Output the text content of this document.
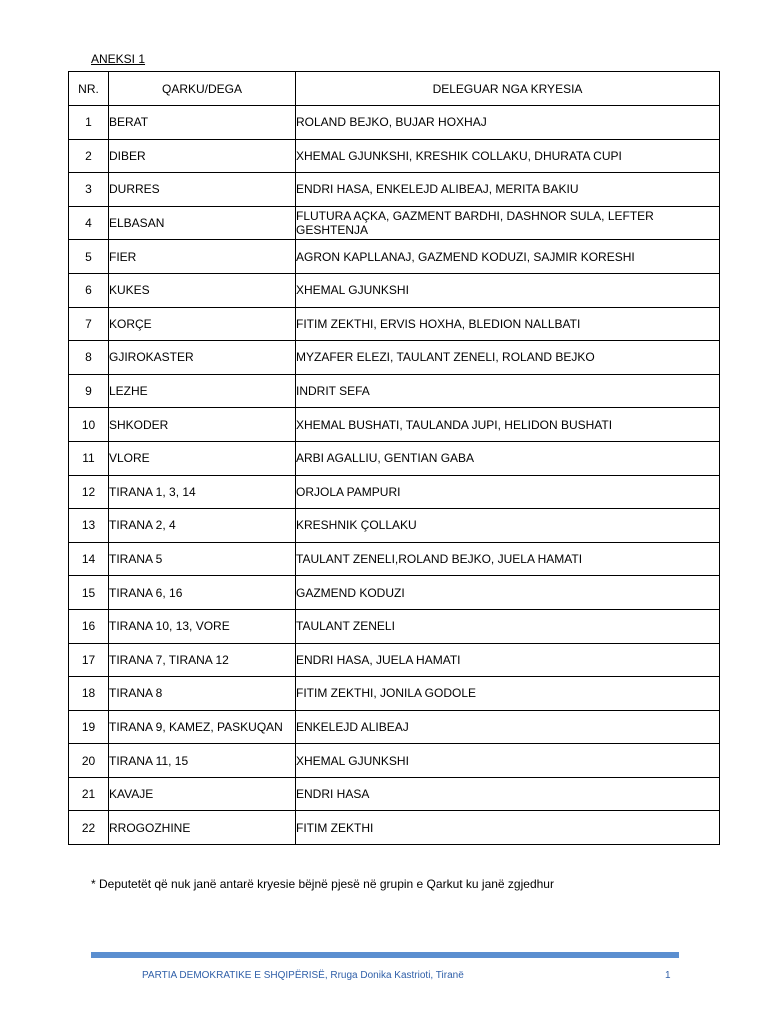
ANEKSI 1
NR.	QARKU/DEGA	DELEGUAR NGA KRYESIA
1	BERAT	ROLAND BEJKO, BUJAR HOXHAJ
2	DIBER	XHEMAL GJUNKSHI, KRESHIK COLLAKU, DHURATA CUPI
3	DURRES	ENDRI HASA, ENKELEJD ALIBEAJ, MERITA BAKIU
4	ELBASAN	FLUTURA AÇKA, GAZMENT BARDHI, DASHNOR SULA, LEFTER GESHTENJA
5	FIER	AGRON KAPLLANAJ, GAZMEND KODUZI, SAJMIR KORESHI
6	KUKES	XHEMAL GJUNKSHI
7	KORÇE	FITIM ZEKTHI, ERVIS HOXHA, BLEDION NALLBATI
8	GJIROKASTER	MYZAFER ELEZI, TAULANT ZENELI, ROLAND BEJKO
9	LEZHE	INDRIT SEFA
10	SHKODER	XHEMAL BUSHATI, TAULANDA JUPI, HELIDON BUSHATI
11	VLORE	ARBI AGALLIU, GENTIAN GABA
12	TIRANA 1, 3, 14	ORJOLA PAMPURI
13	TIRANA 2, 4	KRESHNIK ÇOLLAKU
14	TIRANA 5	TAULANT ZENELI,ROLAND BEJKO, JUELA HAMATI
15	TIRANA 6, 16	GAZMEND KODUZI
16	TIRANA 10, 13, VORE	TAULANT ZENELI
17	TIRANA 7, TIRANA 12	ENDRI HASA, JUELA HAMATI
18	TIRANA 8	FITIM ZEKTHI, JONILA GODOLE
19	TIRANA 9, KAMEZ, PASKUQAN	ENKELEJD ALIBEAJ
20	TIRANA 11, 15	XHEMAL GJUNKSHI
21	KAVAJE	ENDRI HASA
22	RROGOZHINE	FITIM ZEKTHI
* Deputetët që nuk janë antarë kryesie bëjnë pjesë në grupin e Qarkut ku janë zgjedhur
PARTIA DEMOKRATIKE E SHQIPËRISË, Rruga Donika Kastrioti, Tiranë	1
